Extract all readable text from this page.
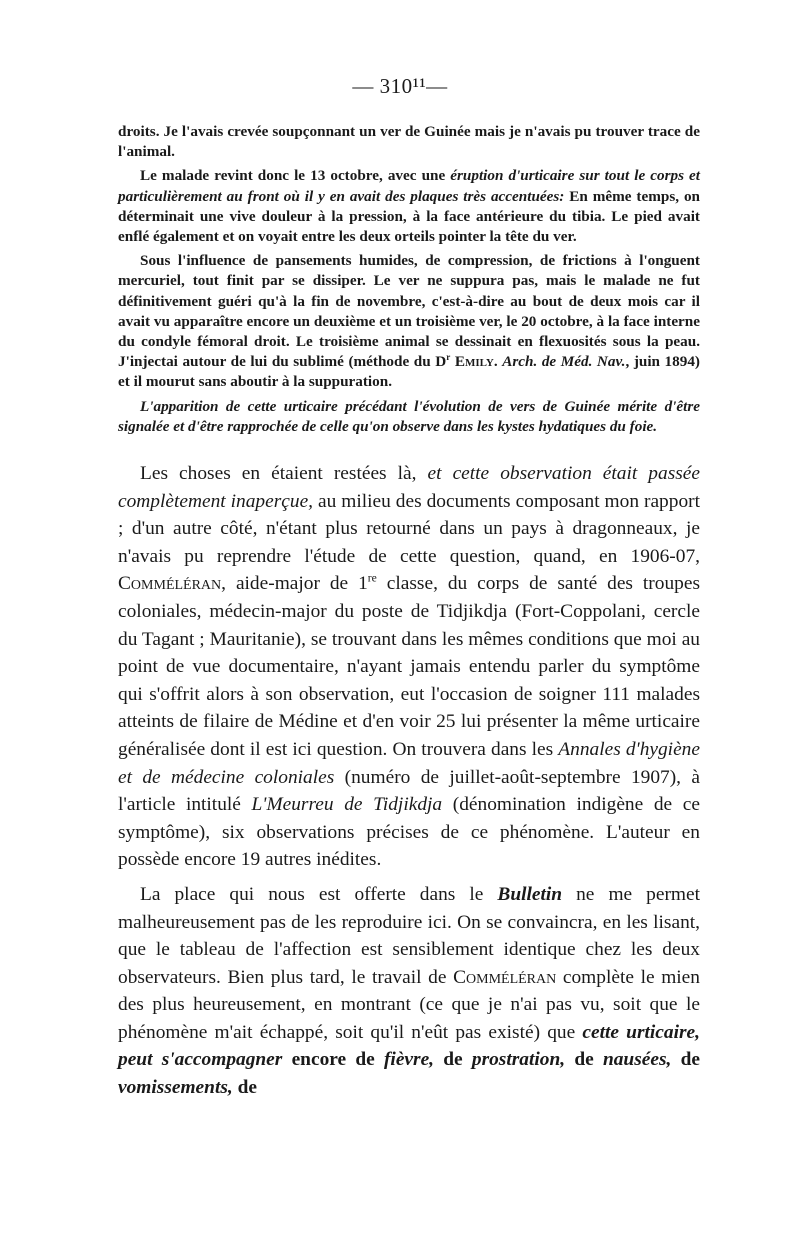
— 310¹¹—

droits. Je l'avais crevée soupçonnant un ver de Guinée mais je n'avais pu trouver trace de l'animal.

Le malade revint donc le 13 octobre, avec une éruption d'urticaire sur tout le corps et particulièrement au front où il y en avait des plaques très accentuées: En même temps, on déterminait une vive douleur à la pression, à la face antérieure du tibia. Le pied avait enflé également et on voyait entre les deux orteils pointer la tête du ver.

Sous l'influence de pansements humides, de compression, de frictions à l'onguent mercuriel, tout finit par se dissiper. Le ver ne suppura pas, mais le malade ne fut définitivement guéri qu'à la fin de novembre, c'est-à-dire au bout de deux mois car il avait vu apparaître encore un deuxième et un troisième ver, le 20 octobre, à la face interne du condyle fémoral droit. Le troisième animal se dessinait en flexuosités sous la peau. J'injectai autour de lui du sublimé (méthode du $D^r$ Emily. Arch. de Méd. Nav., juin 1894) et il mourut sans aboutir à la suppuration.

L'apparition de cette urticaire précédant l'évolution de vers de Guinée mérite d'être signalée et d'être rapprochée de celle qu'on observe dans les kystes hydatiques du foie.

Les choses en étaient restées là, et cette observation était passée complètement inaperçue, au milieu des documents composant mon rapport ; d'un autre côté, n'étant plus retourné dans un pays à dragonneaux, je n'avais pu reprendre l'étude de cette question, quand, en 1906-07, Comméléran, aide-major de 1re classe, du corps de santé des troupes coloniales, médecin-major du poste de Tidjikdja (Fort-Coppolani, cercle du Tagant ; Mauritanie), se trouvant dans les mêmes conditions que moi au point de vue documentaire, n'ayant jamais entendu parler du symptôme qui s'offrit alors à son observation, eut l'occasion de soigner 111 malades atteints de filaire de Médine et d'en voir 25 lui présenter la même urticaire généralisée dont il est ici question. On trouvera dans les Annales d'hygiène et de médecine coloniales (numéro de juillet-août-septembre 1907), à l'article intitulé L'Meurreu de Tidjikdja (dénomination indigène de ce symptôme), six observations précises de ce phénomène. L'auteur en possède encore 19 autres inédites.

La place qui nous est offerte dans le Bulletin ne me permet malheureusement pas de les reproduire ici. On se convaincra, en les lisant, que le tableau de l'affection est sensiblement identique chez les deux observateurs. Bien plus tard, le travail de Comméléran complète le mien des plus heureusement, en montrant (ce que je n'ai pas vu, soit que le phénomène m'ait échappé, soit qu'il n'eût pas existé) que cette urticaire, peut s'accompagner encore de fièvre, de prostration, de nausées, de vomissements, de
